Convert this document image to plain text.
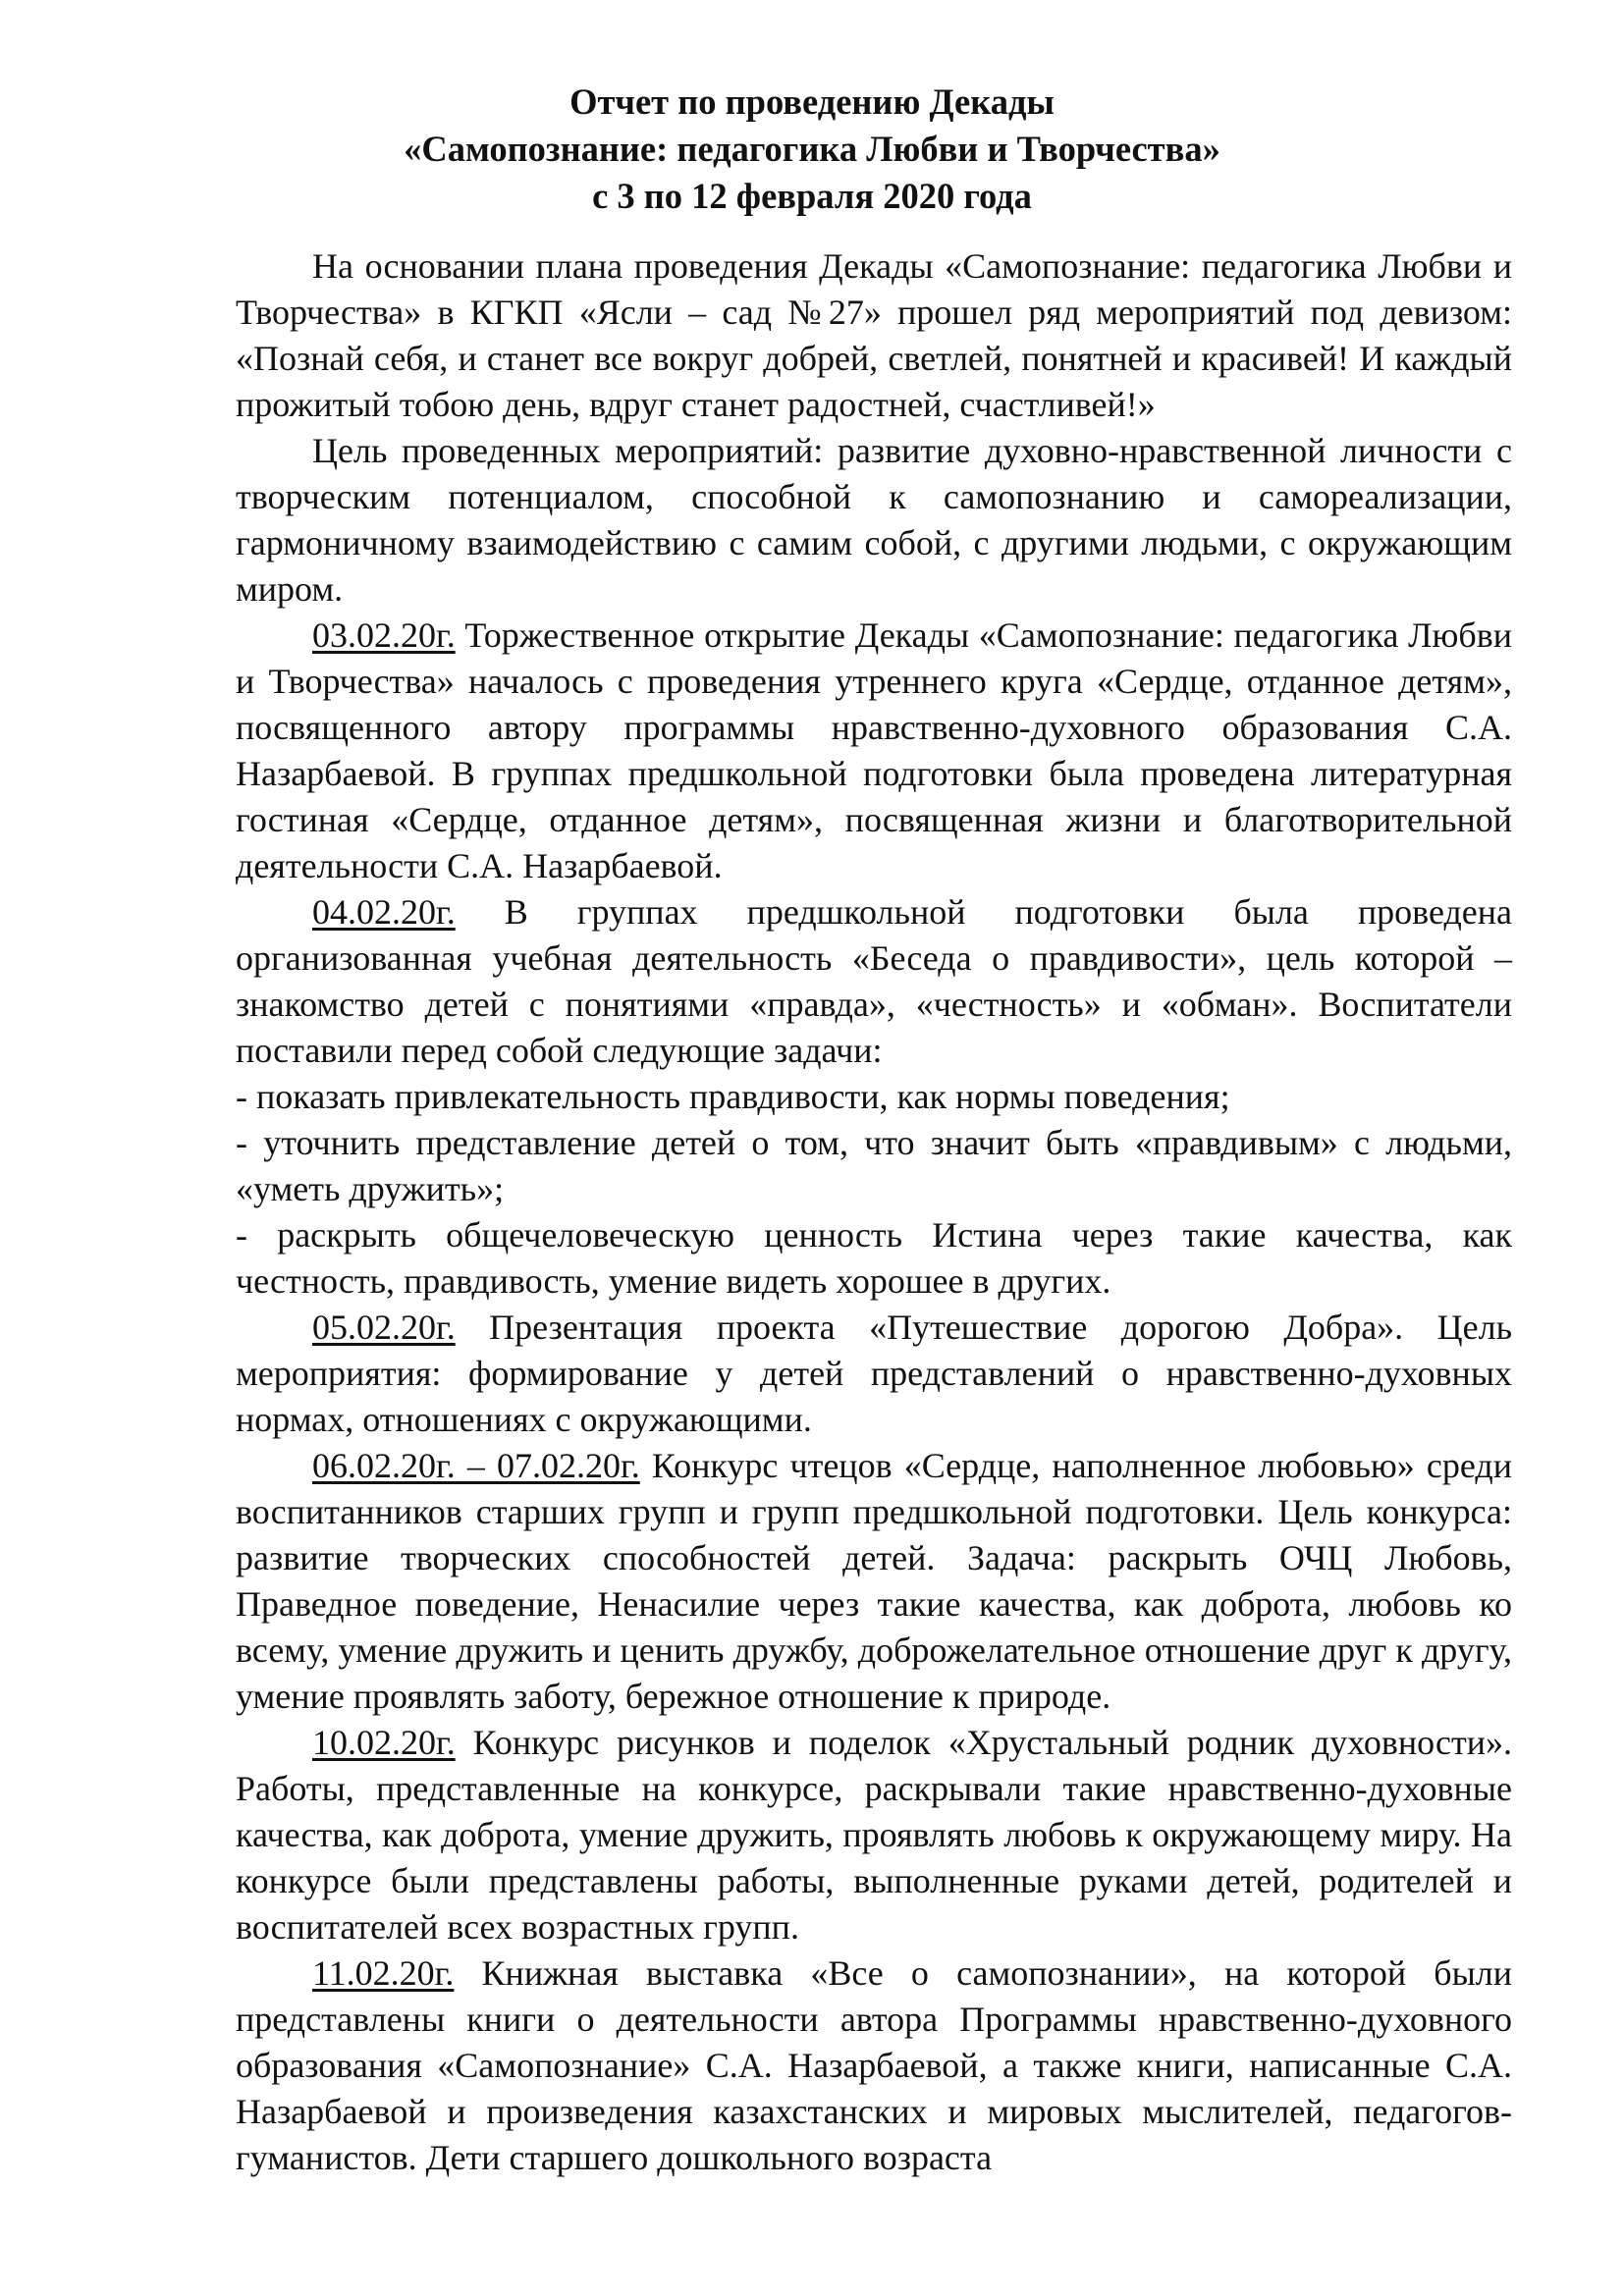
Отчет по проведению Декады
«Самопознание: педагогика Любви и Творчества»
с 3 по 12 февраля 2020 года

На основании плана проведения Декады «Самопознание: педагогика Любви и Творчества» в КГКП «Ясли – сад №27» прошел ряд мероприятий под девизом: «Познай себя, и станет все вокруг добрей, светлей, понятней и красивей! И каждый прожитый тобою день, вдруг станет радостней, счастливей!»

Цель проведенных мероприятий: развитие духовно-нравственной личности с творческим потенциалом, способной к самопознанию и самореализации, гармоничному взаимодействию с самим собой, с другими людьми, с окружающим миром.

03.02.20г. Торжественное открытие Декады «Самопознание: педагогика Любви и Творчества» началось с проведения утреннего круга «Сердце, отданное детям», посвященного автору программы нравственно-духовного образования С.А. Назарбаевой. В группах предшкольной подготовки была проведена литературная гостиная «Сердце, отданное детям», посвященная жизни и благотворительной деятельности С.А. Назарбаевой.

04.02.20г. В группах предшкольной подготовки была проведена организованная учебная деятельность «Беседа о правдивости», цель которой – знакомство детей с понятиями «правда», «честность» и «обман». Воспитатели поставили перед собой следующие задачи:

- показать привлекательность правдивости, как нормы поведения;

- уточнить представление детей о том, что значит быть «правдивым» с людьми, «уметь дружить»;

- раскрыть общечеловеческую ценность Истина через такие качества, как честность, правдивость, умение видеть хорошее в других.

05.02.20г. Презентация проекта «Путешествие дорогою Добра». Цель мероприятия: формирование у детей представлений о нравственно-духовных нормах, отношениях с окружающими.

06.02.20г. – 07.02.20г. Конкурс чтецов «Сердце, наполненное любовью» среди воспитанников старших групп и групп предшкольной подготовки. Цель конкурса: развитие творческих способностей детей. Задача: раскрыть ОЧЦ Любовь, Праведное поведение, Ненасилие через такие качества, как доброта, любовь ко всему, умение дружить и ценить дружбу, доброжелательное отношение друг к другу, умение проявлять заботу, бережное отношение к природе.

10.02.20г. Конкурс рисунков и поделок «Хрустальный родник духовности». Работы, представленные на конкурсе, раскрывали такие нравственно-духовные качества, как доброта, умение дружить, проявлять любовь к окружающему миру. На конкурсе были представлены работы, выполненные руками детей, родителей и воспитателей всех возрастных групп.

11.02.20г. Книжная выставка «Все о самопознании», на которой были представлены книги о деятельности автора Программы нравственно-духовного образования «Самопознание» С.А. Назарбаевой, а также книги, написанные С.А. Назарбаевой и произведения казахстанских и мировых мыслителей, педагогов-гуманистов. Дети старшего дошкольного возраста
